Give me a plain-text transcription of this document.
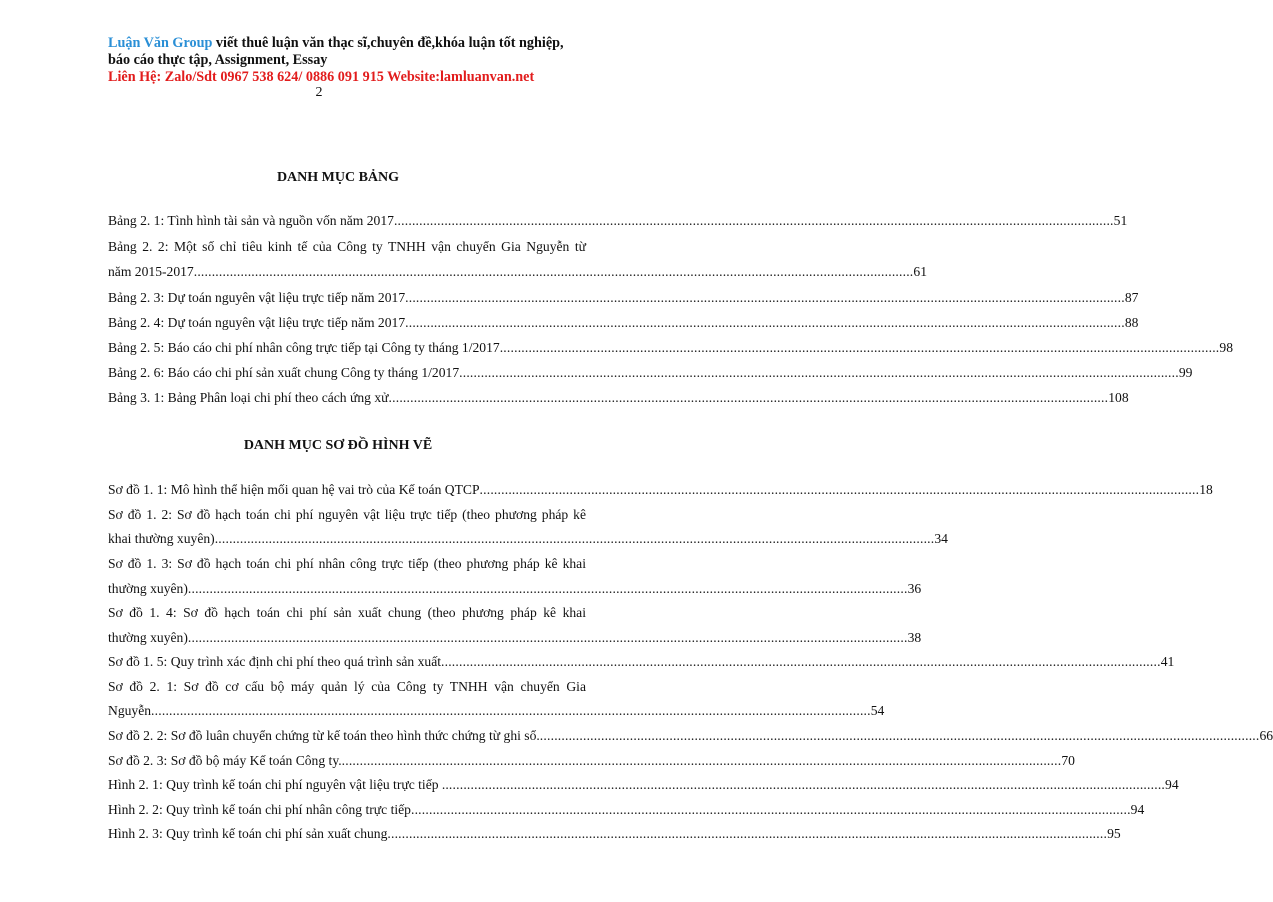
Luận Văn Group viết thuê luận văn thạc sĩ,chuyên đề,khóa luận tốt nghiệp,
báo cáo thực tập, Assignment, Essay
Liên Hệ: Zalo/Sdt 0967 538 624/ 0886 091 915 Website:lamluanvan.net
2
DANH MỤC BẢNG
Bảng 2. 1: Tình hình tài sản và nguồn vốn năm 2017 ........................................................................................................................................................................................................ 51
Bảng 2. 2: Một số chỉ tiêu kinh tế của Công ty TNHH vận chuyển Gia Nguyễn từ
năm 2015-2017 ........................................................................................................................................................................................................ 61
Bảng 2. 3: Dự toán nguyên vật liệu trực tiếp năm 2017 ........................................................................................................................................................................................................ 87
Bảng 2. 4: Dự toán nguyên vật liệu trực tiếp năm 2017 ........................................................................................................................................................................................................ 88
Bảng 2. 5: Báo cáo chi phí nhân công trực tiếp tại Công ty tháng 1/2017 ........................................................................................................................................................................................................ 98
Bảng 2. 6: Báo cáo chi phí sản xuất chung Công ty tháng 1/2017 ........................................................................................................................................................................................................ 99
Bảng 3. 1: Bảng Phân loại chi phí theo cách ứng xử ........................................................................................................................................................................................................ 108
DANH MỤC SƠ ĐỒ HÌNH VẼ
Sơ đồ 1. 1: Mô hình thể hiện mối quan hệ vai trò của Kế toán QTCP ........................................................................................................................................................................................................ 18
Sơ đồ 1. 2: Sơ đồ hạch toán chi phí nguyên vật liệu trực tiếp (theo phương pháp kê
khai thường xuyên) ........................................................................................................................................................................................................ 34
Sơ đồ 1. 3: Sơ đồ hạch toán chi phí nhân công trực tiếp (theo phương pháp kê khai
thường xuyên) ........................................................................................................................................................................................................ 36
Sơ đồ 1. 4: Sơ đồ hạch toán chi phí sản xuất chung (theo phương pháp kê khai
thường xuyên) ........................................................................................................................................................................................................ 38
Sơ đồ 1. 5: Quy trình xác định chi phí theo quá trình sản xuất ........................................................................................................................................................................................................ 41
Sơ đồ 2. 1: Sơ đồ cơ cấu bộ máy quản lý của Công ty TNHH vận chuyển Gia
Nguyễn ........................................................................................................................................................................................................ 54
Sơ đồ 2. 2: Sơ đồ luân chuyển chứng từ kế toán theo hình thức chứng từ ghi sổ. ........................................................................................................................................................................................................ 66
Sơ đồ 2. 3: Sơ đồ bộ máy Kế toán Công ty. ........................................................................................................................................................................................................ 70
Hình 2. 1: Quy trình kế toán chi phí nguyên vật liệu trực tiếp . ........................................................................................................................................................................................................ 94
Hình 2. 2: Quy trình kế toán chi phí nhân công trực tiếp ........................................................................................................................................................................................................ 94
Hình 2. 3: Quy trình kế toán chi phí sản xuất chung ........................................................................................................................................................................................................ 95
